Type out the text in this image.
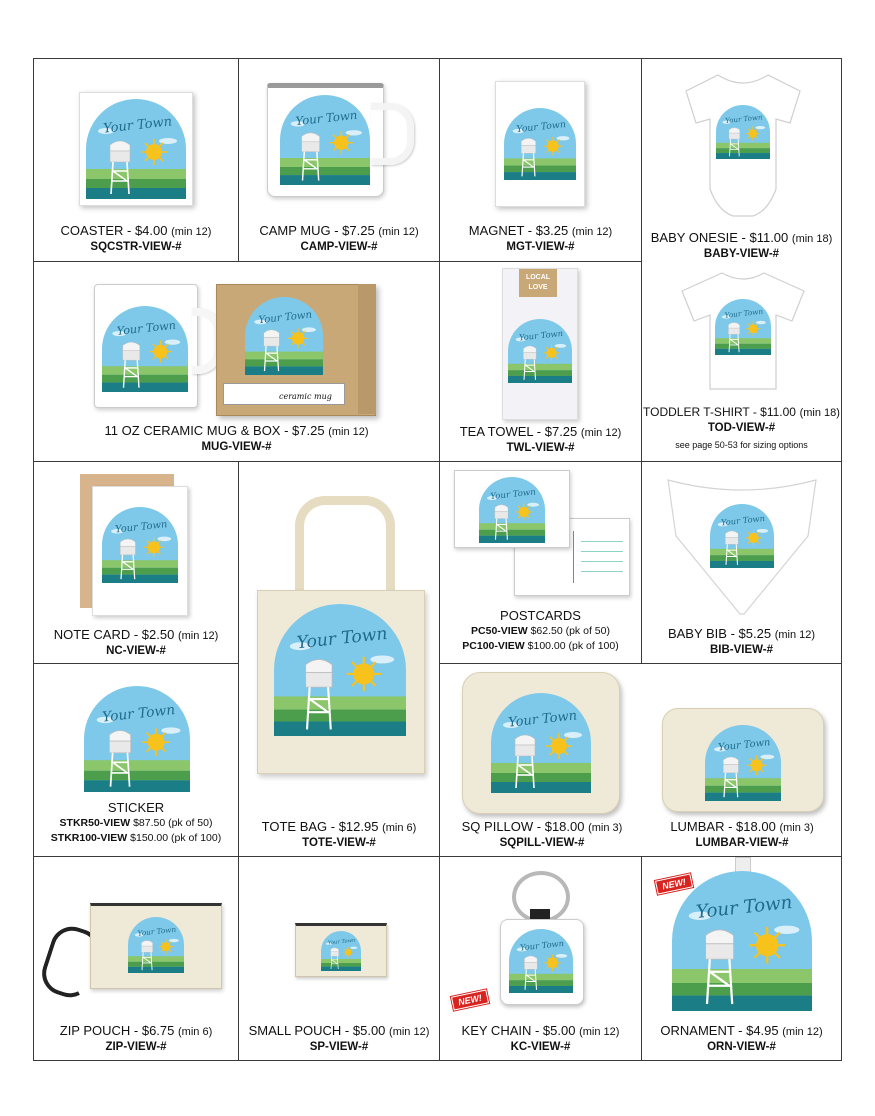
COASTER - $4.00 (min 12)
SQCSTR-VIEW-#
CAMP MUG - $7.25 (min 12)
CAMP-VIEW-#
MAGNET - $3.25 (min 12)
MGT-VIEW-#
BABY ONESIE - $11.00 (min 18)
BABY-VIEW-#
TODDLER T-SHIRT - $11.00 (min 18)
TOD-VIEW-#
see page 50-53 for sizing options
ceramic mug
11 OZ CERAMIC MUG & BOX - $7.25 (min 12)
MUG-VIEW-#
LOCAL LOVE
TEA TOWEL - $7.25 (min 12)
TWL-VIEW-#
NOTE CARD - $2.50 (min 12)
NC-VIEW-#
TOTE BAG - $12.95 (min 6)
TOTE-VIEW-#
POSTCARDS
PC50-VIEW $62.50 (pk of 50)
PC100-VIEW $100.00 (pk of 100)
BABY BIB - $5.25 (min 12)
BIB-VIEW-#
STICKER
STKR50-VIEW $87.50 (pk of 50)
STKR100-VIEW $150.00 (pk of 100)
SQ PILLOW - $18.00 (min 3)
SQPILL-VIEW-#
LUMBAR - $18.00 (min 3)
LUMBAR-VIEW-#
ZIP POUCH - $6.75 (min 6)
ZIP-VIEW-#
SMALL POUCH - $5.00 (min 12)
SP-VIEW-#
NEW!
KEY CHAIN - $5.00 (min 12)
KC-VIEW-#
NEW!
ORNAMENT - $4.95 (min 12)
ORN-VIEW-#
